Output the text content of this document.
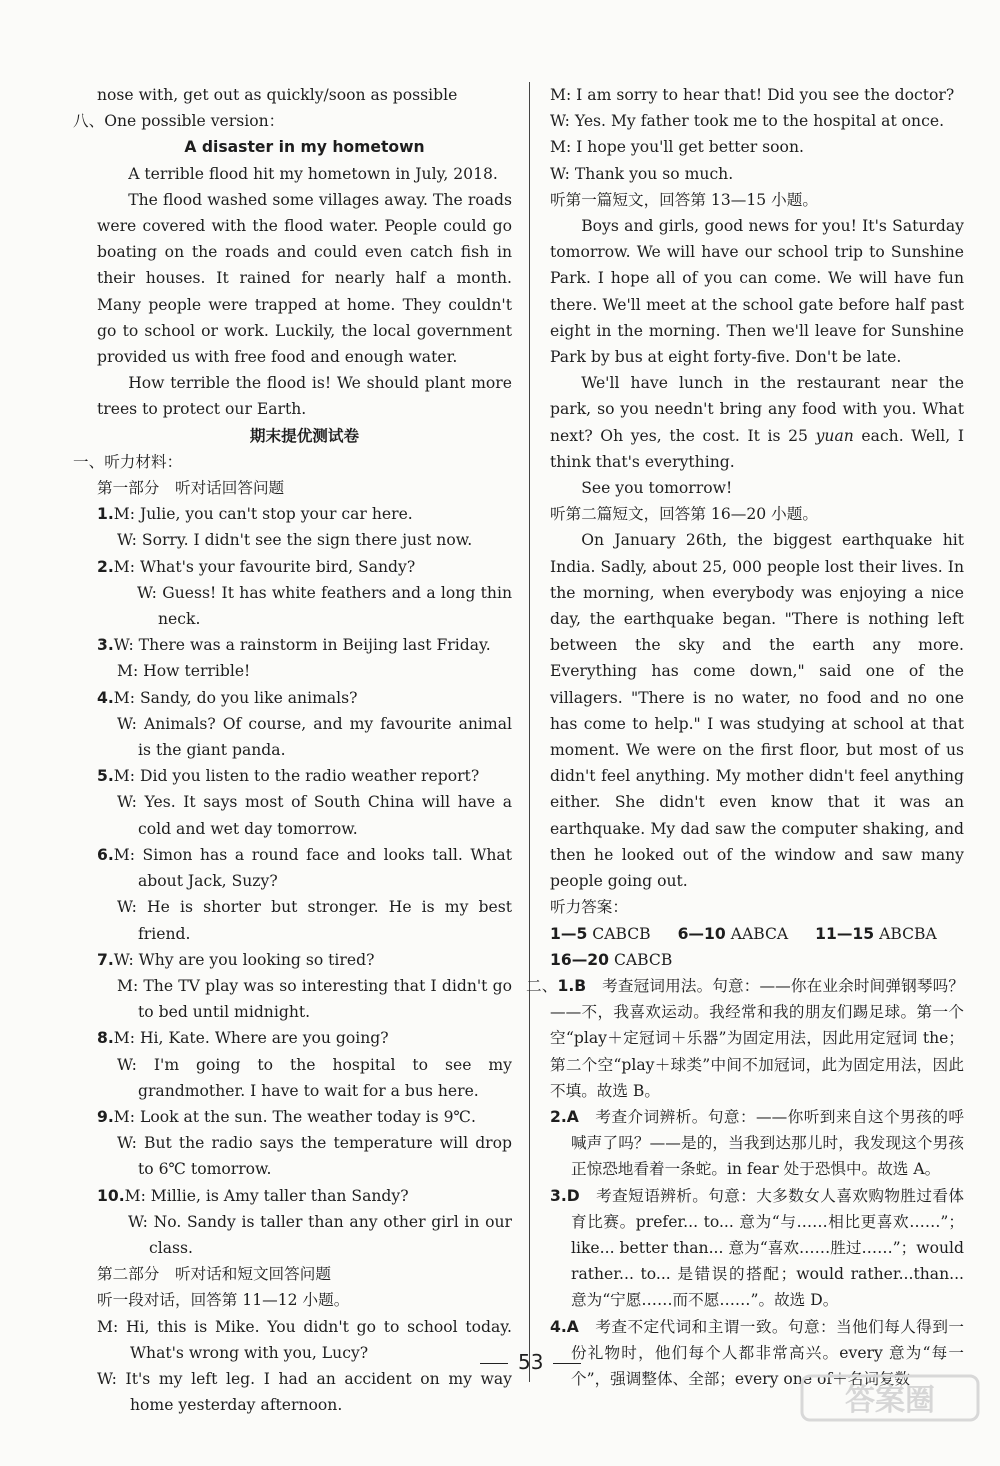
nose with, get out as quickly/soon as possible

八、One possible version：

A disaster in my hometown

A terrible flood hit my hometown in July, 2018.

The flood washed some villages away. The roads were covered with the flood water. People could go boating on the roads and could even catch fish in their houses. It rained for nearly half a month. Many people were trapped at home. They couldn't go to school or work. Luckily, the local government provided us with free food and enough water.

How terrible the flood is! We should plant more trees to protect our Earth.

期末提优测试卷

一、听力材料：

第一部分　听对话回答问题

1.M: Julie, you can't stop your car here.

W: Sorry. I didn't see the sign there just now.

2.M: What's your favourite bird, Sandy?

W: Guess! It has white feathers and a long thin neck.

3.W: There was a rainstorm in Beijing last Friday.

M: How terrible!

4.M: Sandy, do you like animals?

W: Animals? Of course, and my favourite animal is the giant panda.

5.M: Did you listen to the radio weather report?

W: Yes. It says most of South China will have a cold and wet day tomorrow.

6.M: Simon has a round face and looks tall. What about Jack, Suzy?

W: He is shorter but stronger. He is my best friend.

7.W: Why are you looking so tired?

M: The TV play was so interesting that I didn't go to bed until midnight.

8.M: Hi, Kate. Where are you going?

W: I'm going to the hospital to see my grandmother. I have to wait for a bus here.

9.M: Look at the sun. The weather today is 9℃.

W: But the radio says the temperature will drop to 6℃ tomorrow.

10.M: Millie, is Amy taller than Sandy?

W: No. Sandy is taller than any other girl in our class.

第二部分　听对话和短文回答问题

听一段对话，回答第 11—12 小题。

M: Hi, this is Mike. You didn't go to school today. What's wrong with you, Lucy?

W: It's my left leg. I had an accident on my way home yesterday afternoon.

M: I am sorry to hear that! Did you see the doctor?

W: Yes. My father took me to the hospital at once.

M: I hope you'll get better soon.

W: Thank you so much.

听第一篇短文，回答第 13—15 小题。

Boys and girls, good news for you! It's Saturday tomorrow. We will have our school trip to Sunshine Park. I hope all of you can come. We will have fun there. We'll meet at the school gate before half past eight in the morning. Then we'll leave for Sunshine Park by bus at eight forty-five. Don't be late.

We'll have lunch in the restaurant near the park, so you needn't bring any food with you. What next? Oh yes, the cost. It is 25 yuan each. Well, I think that's everything.

See you tomorrow!

听第二篇短文，回答第 16—20 小题。

On January 26th, the biggest earthquake hit India. Sadly, about 25, 000 people lost their lives. In the morning, when everybody was enjoying a nice day, the earthquake began. "There is nothing left between the sky and the earth any more. Everything has come down," said one of the villagers. "There is no water, no food and no one has come to help." I was studying at school at that moment. We were on the first floor, but most of us didn't feel anything. My mother didn't feel anything either. She didn't even know that it was an earthquake. My dad saw the computer shaking, and then he looked out of the window and saw many people going out.

听力答案：

1—5 CABCB 6—10 AABCA 11—15 ABCBA

16—20 CABCB

二、1.B　 考查冠词用法。句意：——你在业余时间弹钢琴吗？——不，我喜欢运动。我经常和我的朋友们踢足球。第一个空“play＋定冠词＋乐器”为固定用法，因此用定冠词 the；第二个空“play＋球类”中间不加冠词，此为固定用法，因此不填。故选 B。

2.A　 考查介词辨析。句意：——你听到来自这个男孩的呼喊声了吗？——是的，当我到达那儿时，我发现这个男孩正惊恐地看着一条蛇。in fear 处于恐惧中。故选 A。

3.D　 考查短语辨析。句意：大多数女人喜欢购物胜过看体育比赛。prefer... to... 意为“与……相比更喜欢……”；like... better than... 意为“喜欢……胜过……”；would rather... to... 是错误的搭配；would rather...than...意为“宁愿……而不愿……”。故选 D。

4.A　 考查不定代词和主谓一致。句意：当他们每人得到一份礼物时，他们每个人都非常高兴。every 意为“每一个”，强调整体、全部；every one of＋名词复数

53
答案圈
